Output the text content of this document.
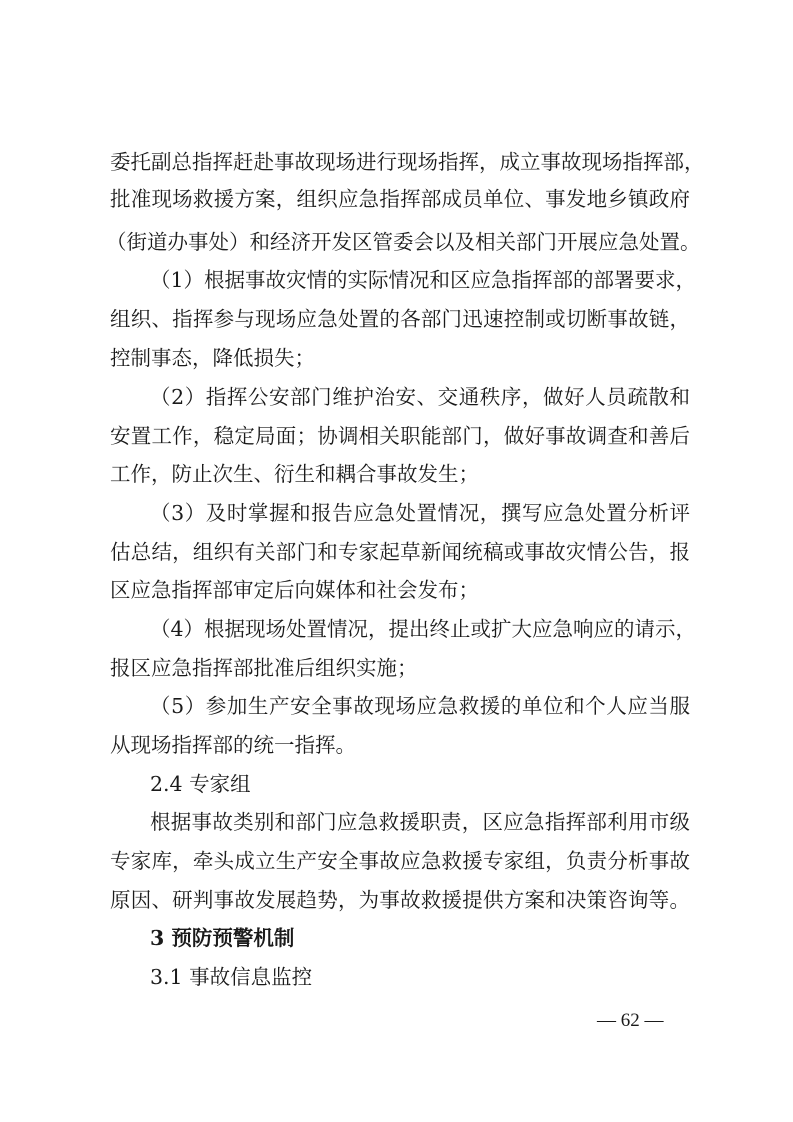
委托副总指挥赶赴事故现场进行现场指挥，成立事故现场指挥部，
批准现场救援方案，组织应急指挥部成员单位、事发地乡镇政府
（街道办事处）和经济开发区管委会以及相关部门开展应急处置。
（1）根据事故灾情的实际情况和区应急指挥部的部署要求，
组织、指挥参与现场应急处置的各部门迅速控制或切断事故链，
控制事态，降低损失；
（2）指挥公安部门维护治安、交通秩序，做好人员疏散和
安置工作，稳定局面；协调相关职能部门，做好事故调查和善后
工作，防止次生、衍生和耦合事故发生；
（3）及时掌握和报告应急处置情况，撰写应急处置分析评
估总结，组织有关部门和专家起草新闻统稿或事故灾情公告，报
区应急指挥部审定后向媒体和社会发布；
（4）根据现场处置情况，提出终止或扩大应急响应的请示，
报区应急指挥部批准后组织实施；
（5）参加生产安全事故现场应急救援的单位和个人应当服
从现场指挥部的统一指挥。
2.4 专家组
根据事故类别和部门应急救援职责，区应急指挥部利用市级
专家库，牵头成立生产安全事故应急救援专家组，负责分析事故
原因、研判事故发展趋势，为事故救援提供方案和决策咨询等。
3 预防预警机制
3.1 事故信息监控
— 62 —
